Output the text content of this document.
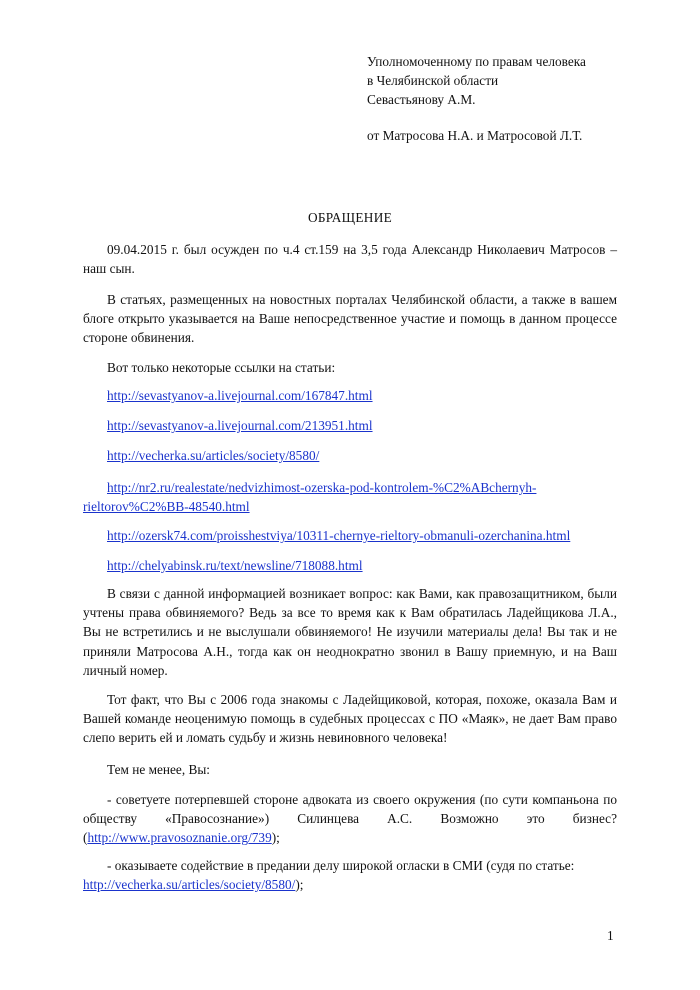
Уполномоченному по правам человека
в Челябинской области
Севастьянову А.М.
от Матросова Н.А. и Матросовой Л.Т.
ОБРАЩЕНИЕ
09.04.2015 г. был осужден по ч.4 ст.159 на 3,5 года Александр Николаевич Матросов – наш сын.
В статьях, размещенных на новостных порталах Челябинской области, а также в вашем блоге открыто указывается на Ваше непосредственное участие и помощь в данном процессе стороне обвинения.
Вот только некоторые ссылки на статьи:
http://sevastyanov-a.livejournal.com/167847.html
http://sevastyanov-a.livejournal.com/213951.html
http://vecherka.su/articles/society/8580/
http://nr2.ru/realestate/nedvizhimost-ozerska-pod-kontrolem-%C2%ABchernyh-
rieltorov%C2%BB-48540.html
http://ozersk74.com/proisshestviya/10311-chernye-rieltory-obmanuli-ozerchanina.html
http://chelyabinsk.ru/text/newsline/718088.html
В связи с данной информацией возникает вопрос: как Вами, как правозащитником, были учтены права обвиняемого? Ведь за все то время как к Вам обратилась Ладейщикова Л.А., Вы не встретились и не выслушали обвиняемого! Не изучили материалы дела! Вы так и не приняли Матросова А.Н., тогда как он неоднократно звонил в Вашу приемную, и на Ваш личный номер.
Тот факт, что Вы с 2006 года знакомы с Ладейщиковой, которая, похоже, оказала Вам и Вашей команде неоценимую помощь в судебных процессах с ПО «Маяк», не дает Вам право слепо верить ей и ломать судьбу и жизнь невиновного человека!
Тем не менее, Вы:
- советуете потерпевшей стороне адвоката из своего окружения (по сути компаньона по обществу «Правосознание») Силинцева А.С. Возможно это бизнес? (http://www.pravosoznanie.org/739);
- оказываете содействие в предании делу широкой огласки в СМИ (судя по статье:
http://vecherka.su/articles/society/8580/);
1
